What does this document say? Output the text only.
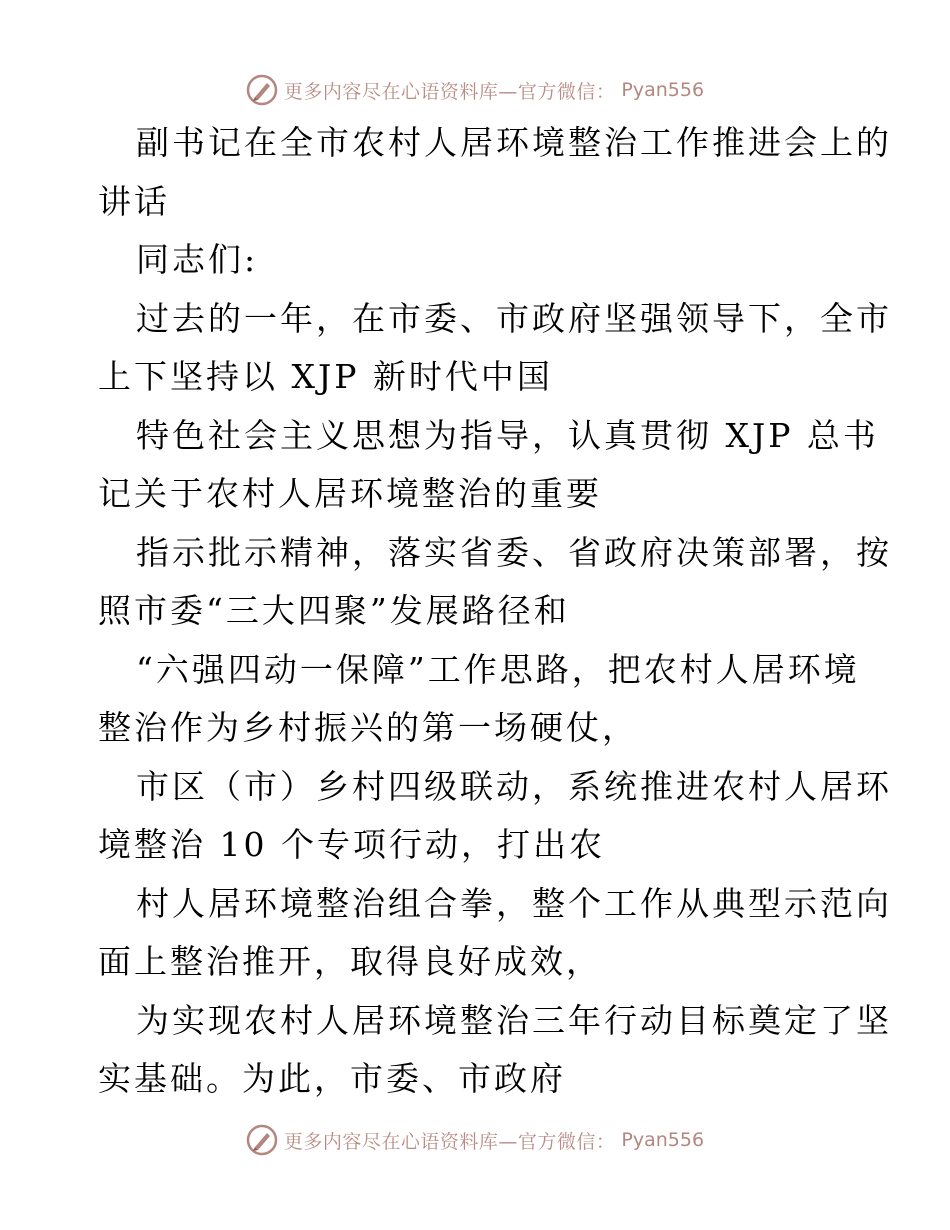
更多内容尽在心语资料库—官方微信： Pyan556
副书记在全市农村人居环境整治工作推进会上的
讲话
同志们:
过去的一年，在市委、市政府坚强领导下，全市
上下坚持以 XJP 新时代中国
特色社会主义思想为指导，认真贯彻 XJP 总书
记关于农村人居环境整治的重要
指示批示精神，落实省委、省政府决策部署，按
照市委“三大四聚”发展路径和
“六强四动一保障”工作思路，把农村人居环境
整治作为乡村振兴的第一场硬仗，
市区（市）乡村四级联动，系统推进农村人居环
境整治 10 个专项行动，打出农
村人居环境整治组合拳，整个工作从典型示范向
面上整治推开，取得良好成效，
为实现农村人居环境整治三年行动目标奠定了坚
实基础。为此，市委、市政府
更多内容尽在心语资料库—官方微信： Pyan556
